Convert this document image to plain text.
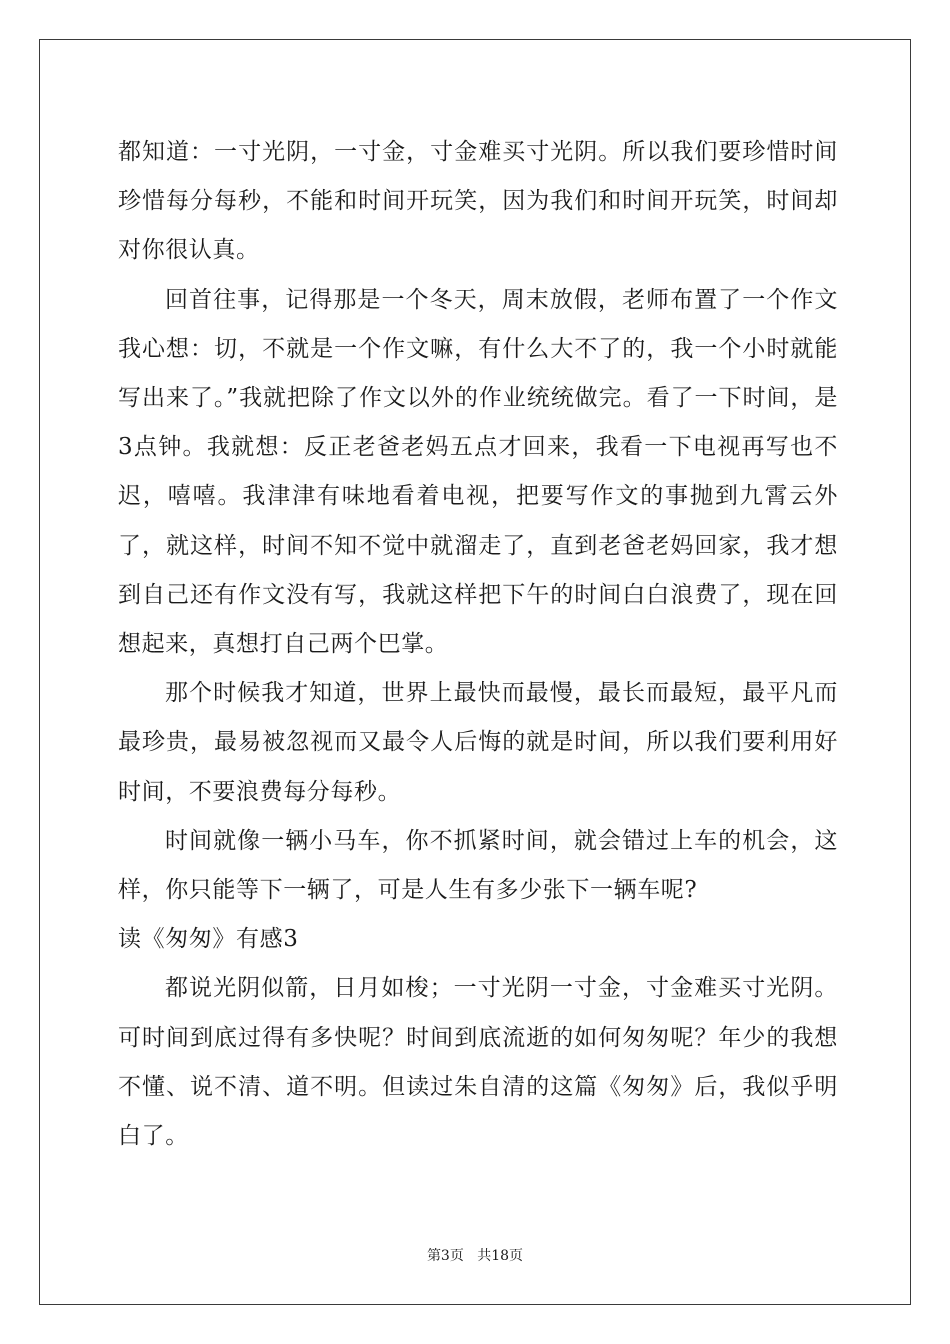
都知道：一寸光阴，一寸金，寸金难买寸光阴。所以我们要珍惜时间珍惜每分每秒，不能和时间开玩笑，因为我们和时间开玩笑，时间却对你很认真。

回首往事，记得那是一个冬天，周末放假，老师布置了一个作文我心想：切，不就是一个作文嘛，有什么大不了的，我一个小时就能写出来了。”我就把除了作文以外的作业统统做完。看了一下时间，是3点钟。我就想：反正老爸老妈五点才回来，我看一下电视再写也不迟，嘻嘻。我津津有味地看着电视，把要写作文的事抛到九霄云外了，就这样，时间不知不觉中就溜走了，直到老爸老妈回家，我才想到自己还有作文没有写，我就这样把下午的时间白白浪费了，现在回想起来，真想打自己两个巴掌。

那个时候我才知道，世界上最快而最慢，最长而最短，最平凡而最珍贵，最易被忽视而又最令人后悔的就是时间，所以我们要利用好时间，不要浪费每分每秒。

时间就像一辆小马车，你不抓紧时间，就会错过上车的机会，这样，你只能等下一辆了，可是人生有多少张下一辆车呢?

读《匆匆》有感3

都说光阴似箭，日月如梭；一寸光阴一寸金，寸金难买寸光阴。可时间到底过得有多快呢？时间到底流逝的如何匆匆呢？年少的我想不懂、说不清、道不明。但读过朱自清的这篇《匆匆》后，我似乎明白了。

第3页 共18页
